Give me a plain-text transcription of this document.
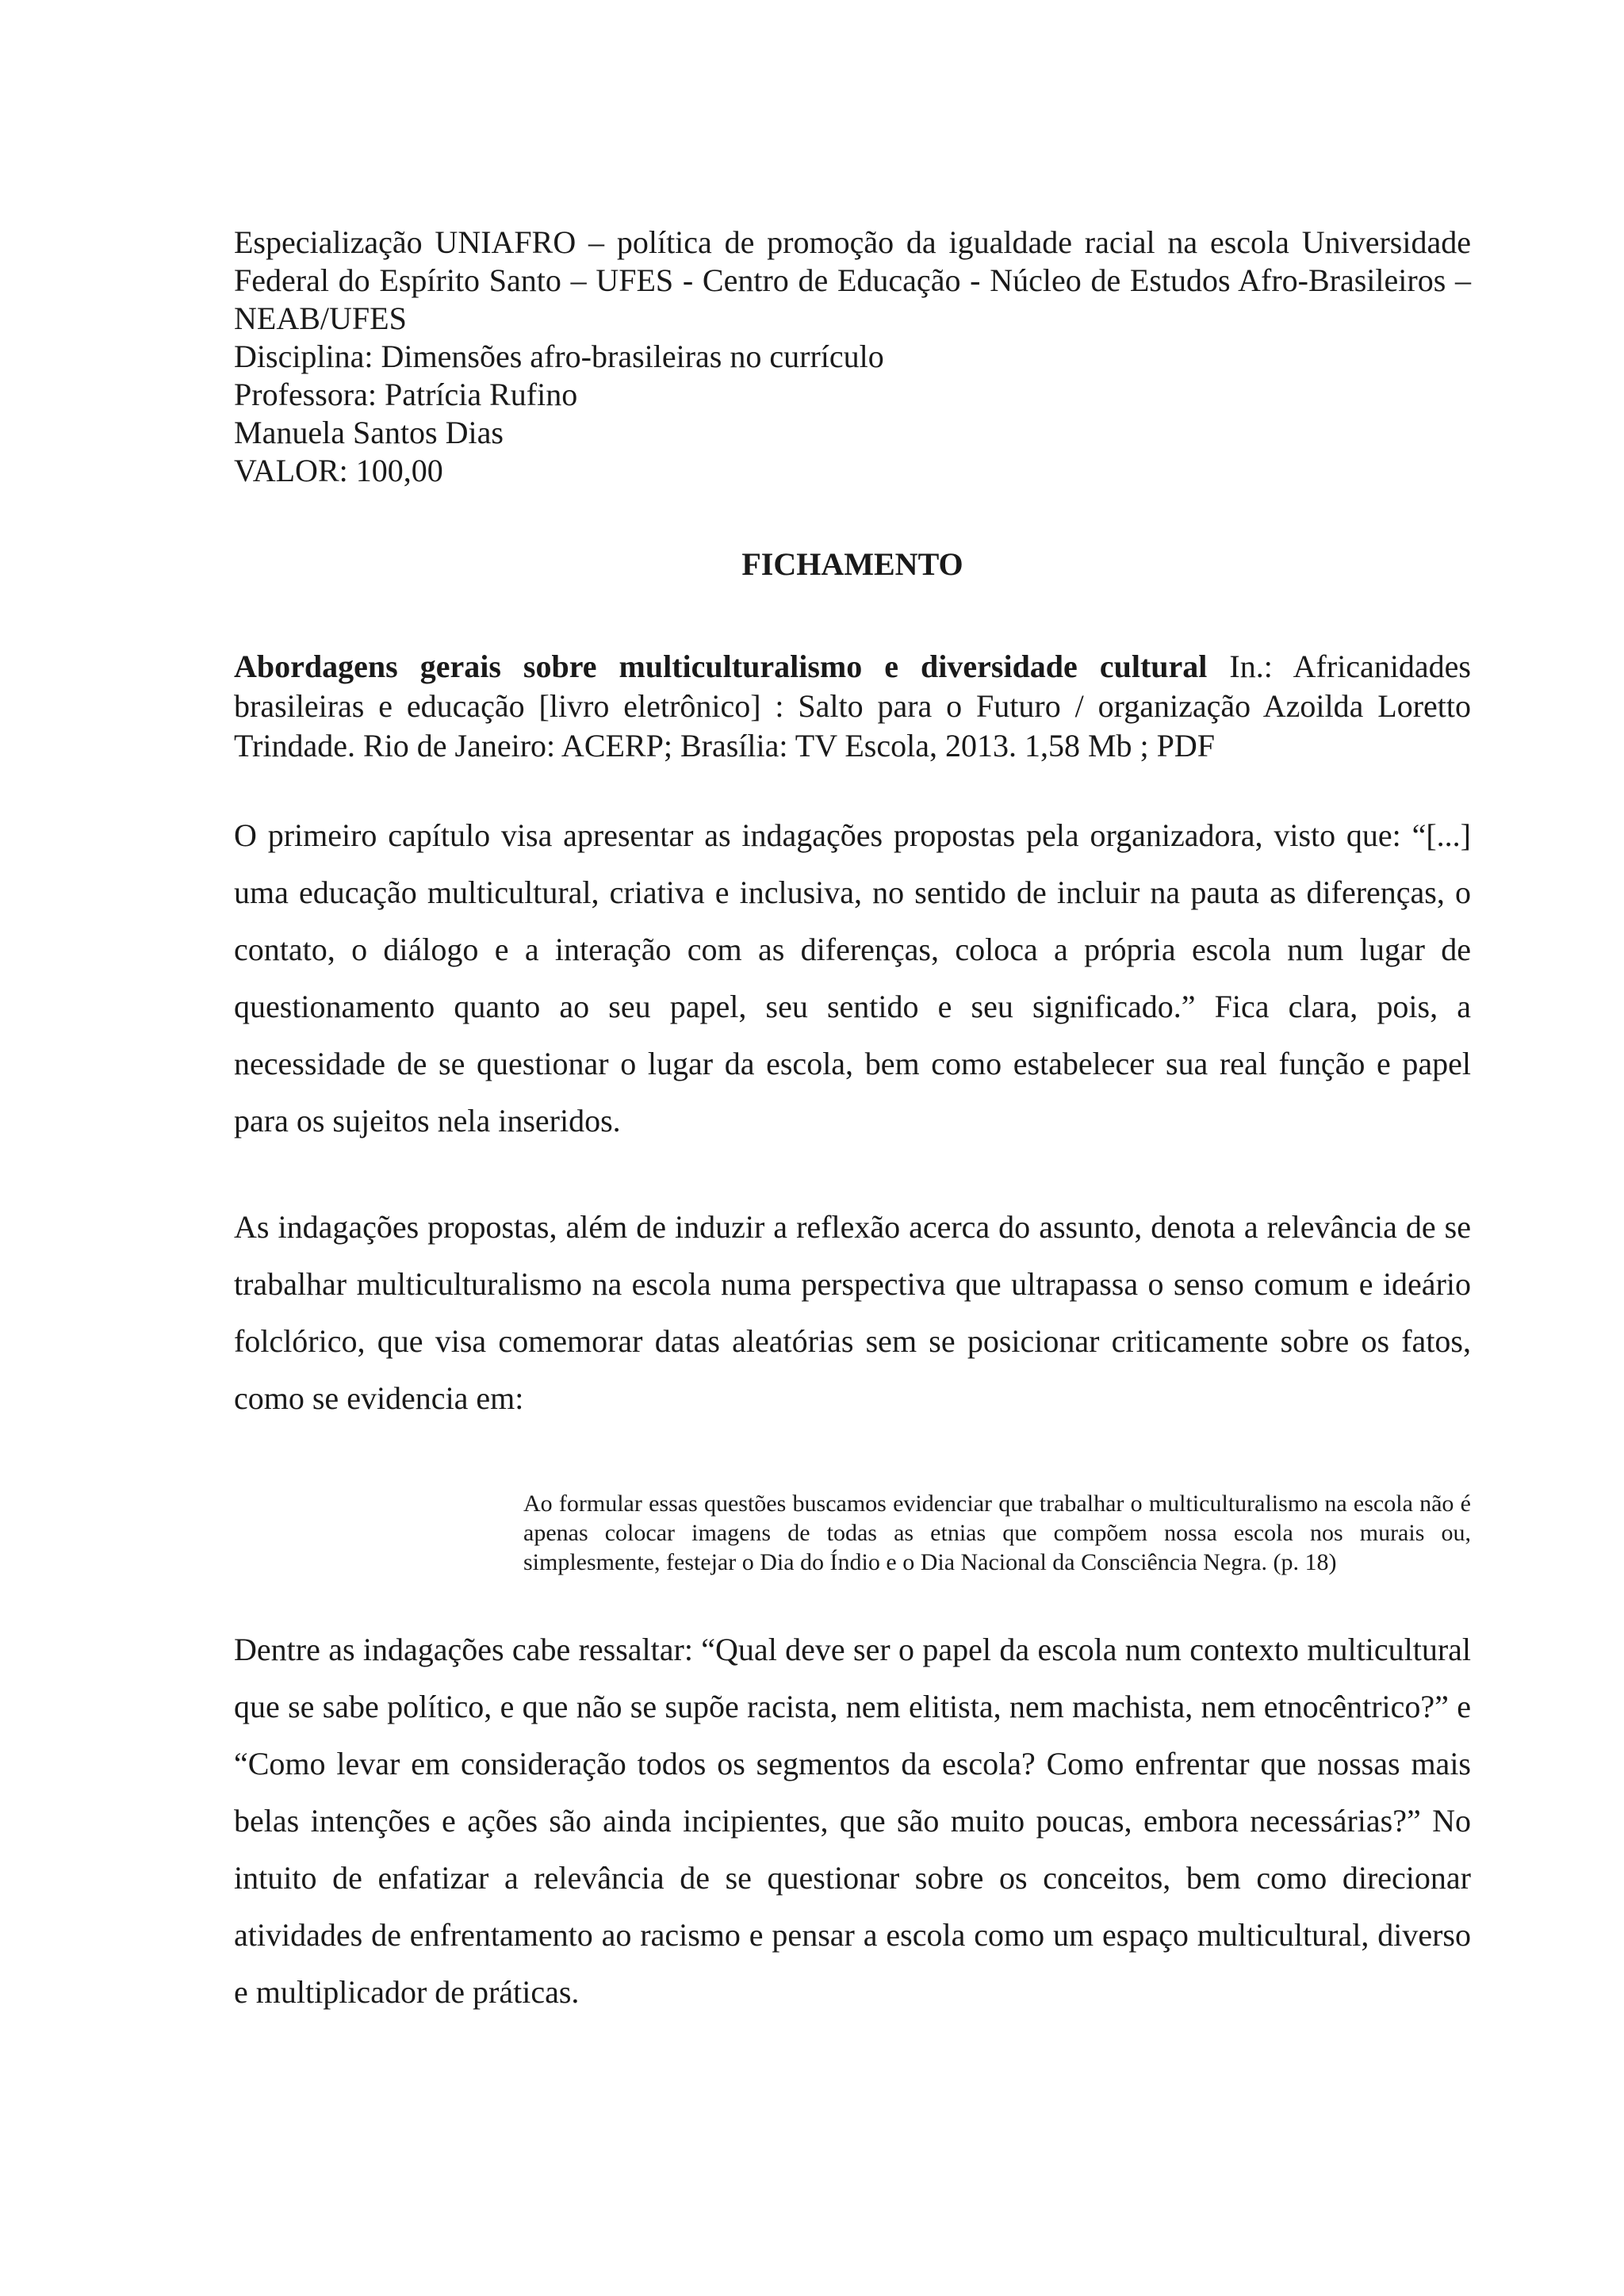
Especialização UNIAFRO – política de promoção da igualdade racial na escola Universidade Federal do Espírito Santo – UFES - Centro de Educação - Núcleo de Estudos Afro-Brasileiros – NEAB/UFES

Disciplina: Dimensões afro-brasileiras no currículo

Professora: Patrícia Rufino

Manuela Santos Dias

VALOR: 100,00

FICHAMENTO

Abordagens gerais sobre multiculturalismo e diversidade cultural In.: Africanidades brasileiras e educação [livro eletrônico] : Salto para o Futuro / organização Azoilda Loretto Trindade. Rio de Janeiro: ACERP; Brasília: TV Escola, 2013. 1,58 Mb ; PDF

O primeiro capítulo visa apresentar as indagações propostas pela organizadora, visto que: “[...] uma educação multicultural, criativa e inclusiva, no sentido de incluir na pauta as diferenças, o contato, o diálogo e a interação com as diferenças, coloca a própria escola num lugar de questionamento quanto ao seu papel, seu sentido e seu significado.” Fica clara, pois, a necessidade de se questionar o lugar da escola, bem como estabelecer sua real função e papel para os sujeitos nela inseridos.

As indagações propostas, além de induzir a reflexão acerca do assunto, denota a relevância de se trabalhar multiculturalismo na escola numa perspectiva que ultrapassa o senso comum e ideário folclórico, que visa comemorar datas aleatórias sem se posicionar criticamente sobre os fatos, como se evidencia em:

Ao formular essas questões buscamos evidenciar que trabalhar o multiculturalismo na escola não é apenas colocar imagens de todas as etnias que compõem nossa escola nos murais ou, simplesmente, festejar o Dia do Índio e o Dia Nacional da Consciência Negra. (p. 18)

Dentre as indagações cabe ressaltar: “Qual deve ser o papel da escola num contexto multicultural que se sabe político, e que não se supõe racista, nem elitista, nem machista, nem etnocêntrico?” e “Como levar em consideração todos os segmentos da escola? Como enfrentar que nossas mais belas intenções e ações são ainda incipientes, que são muito poucas, embora necessárias?” No intuito de enfatizar a relevância de se questionar sobre os conceitos, bem como direcionar atividades de enfrentamento ao racismo e pensar a escola como um espaço multicultural, diverso e multiplicador de práticas.
